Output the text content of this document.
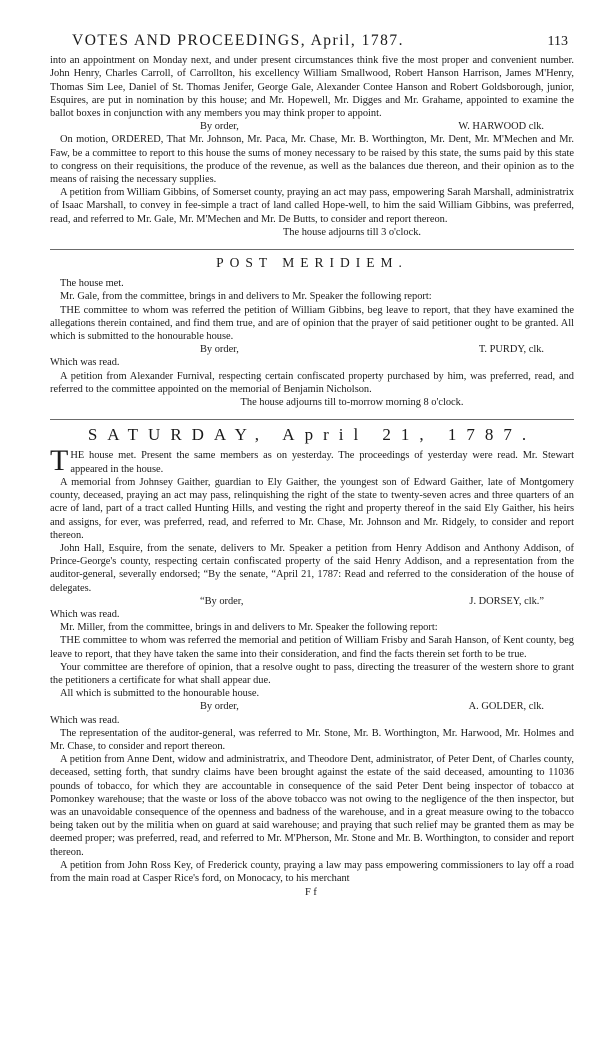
VOTES AND PROCEEDINGS, April, 1787.	113

into an appointment on Monday next, and under present circumstances think five the most proper and convenient number. John Henry, Charles Carroll, of Carrollton, his excellency William Smallwood, Robert Hanson Harrison, James M'Henry, Thomas Sim Lee, Daniel of St. Thomas Jenifer, George Gale, Alexander Contee Hanson and Robert Goldsborough, junior, Esquires, are put in nomination by this house; and Mr. Hopewell, Mr. Digges and Mr. Grahame, appointed to examine the ballot boxes in conjunction with any members you may think proper to appoint.

By order,	W. HARWOOD clk.

On motion, ORDERED, That Mr. Johnson, Mr. Paca, Mr. Chase, Mr. B. Worthington, Mr. Dent, Mr. M'Mechen and Mr. Faw, be a committee to report to this house the sums of money necessary to be raised by this state, the sums paid by this state to congress on their requisitions, the produce of the revenue, as well as the balances due thereon, and their opinion as to the means of raising the necessary supplies.

A petition from William Gibbins, of Somerset county, praying an act may pass, empowering Sarah Marshall, administratrix of Isaac Marshall, to convey in fee-simple a tract of land called Hope-well, to him the said William Gibbins, was preferred, read, and referred to Mr. Gale, Mr. M'Mechen and Mr. De Butts, to consider and report thereon.

The house adjourns till 3 o'clock.

POST MERIDIEM.

The house met.

Mr. Gale, from the committee, brings in and delivers to Mr. Speaker the following report:

THE committee to whom was referred the petition of William Gibbins, beg leave to report, that they have examined the allegations therein contained, and find them true, and are of opinion that the prayer of said petitioner ought to be granted. All which is submitted to the honourable house.

By order,	T. PURDY, clk.

Which was read.

A petition from Alexander Furnival, respecting certain confiscated property purchased by him, was preferred, read, and referred to the committee appointed on the memorial of Benjamin Nicholson.

The house adjourns till to-morrow morning 8 o'clock.

SATURDAY, April 21, 1787.

THE house met. Present the same members as on yesterday. The proceedings of yesterday were read. Mr. Stewart appeared in the house.

A memorial from Johnsey Gaither, guardian to Ely Gaither, the youngest son of Edward Gaither, late of Montgomery county, deceased, praying an act may pass, relinquishing the right of the state to twenty-seven acres and three quarters of an acre of land, part of a tract called Hunting Hills, and vesting the right and property thereof in the said Ely Gaither, his heirs and assigns, for ever, was preferred, read, and referred to Mr. Chase, Mr. Johnson and Mr. Ridgely, to consider and report thereon.

John Hall, Esquire, from the senate, delivers to Mr. Speaker a petition from Henry Addison and Anthony Addison, of Prince-George's county, respecting certain confiscated property of the said Henry Addison, and a representation from the auditor-general, severally endorsed; “By the senate, “April 21, 1787: Read and referred to the consideration of the house of delegates.

“By order,	J. DORSEY, clk.”

Which was read.

Mr. Miller, from the committee, brings in and delivers to Mr. Speaker the following report:

THE committee to whom was referred the memorial and petition of William Frisby and Sarah Hanson, of Kent county, beg leave to report, that they have taken the same into their consideration, and find the facts therein set forth to be true.

Your committee are therefore of opinion, that a resolve ought to pass, directing the treasurer of the western shore to grant the petitioners a certificate for what shall appear due.

All which is submitted to the honourable house.

By order,	A. GOLDER, clk.

Which was read.

The representation of the auditor-general, was referred to Mr. Stone, Mr. B. Worthington, Mr. Harwood, Mr. Holmes and Mr. Chase, to consider and report thereon.

A petition from Anne Dent, widow and administratrix, and Theodore Dent, administrator, of Peter Dent, of Charles county, deceased, setting forth, that sundry claims have been brought against the estate of the said deceased, amounting to 11036 pounds of tobacco, for which they are accountable in consequence of the said Peter Dent being inspector of tobacco at Pomonkey warehouse; that the waste or loss of the above tobacco was not owing to the negligence of the then inspector, but was an unavoidable consequence of the openness and badness of the warehouse, and in a great measure owing to the tobacco being taken out by the militia when on guard at said warehouse; and praying that such relief may be granted them as may be deemed proper; was preferred, read, and referred to Mr. M'Pherson, Mr. Stone and Mr. B. Worthington, to consider and report thereon.

A petition from John Ross Key, of Frederick county, praying a law may pass empowering commissioners to lay off a road from the main road at Casper Rice's ford, on Monocacy, to his merchant

F f
